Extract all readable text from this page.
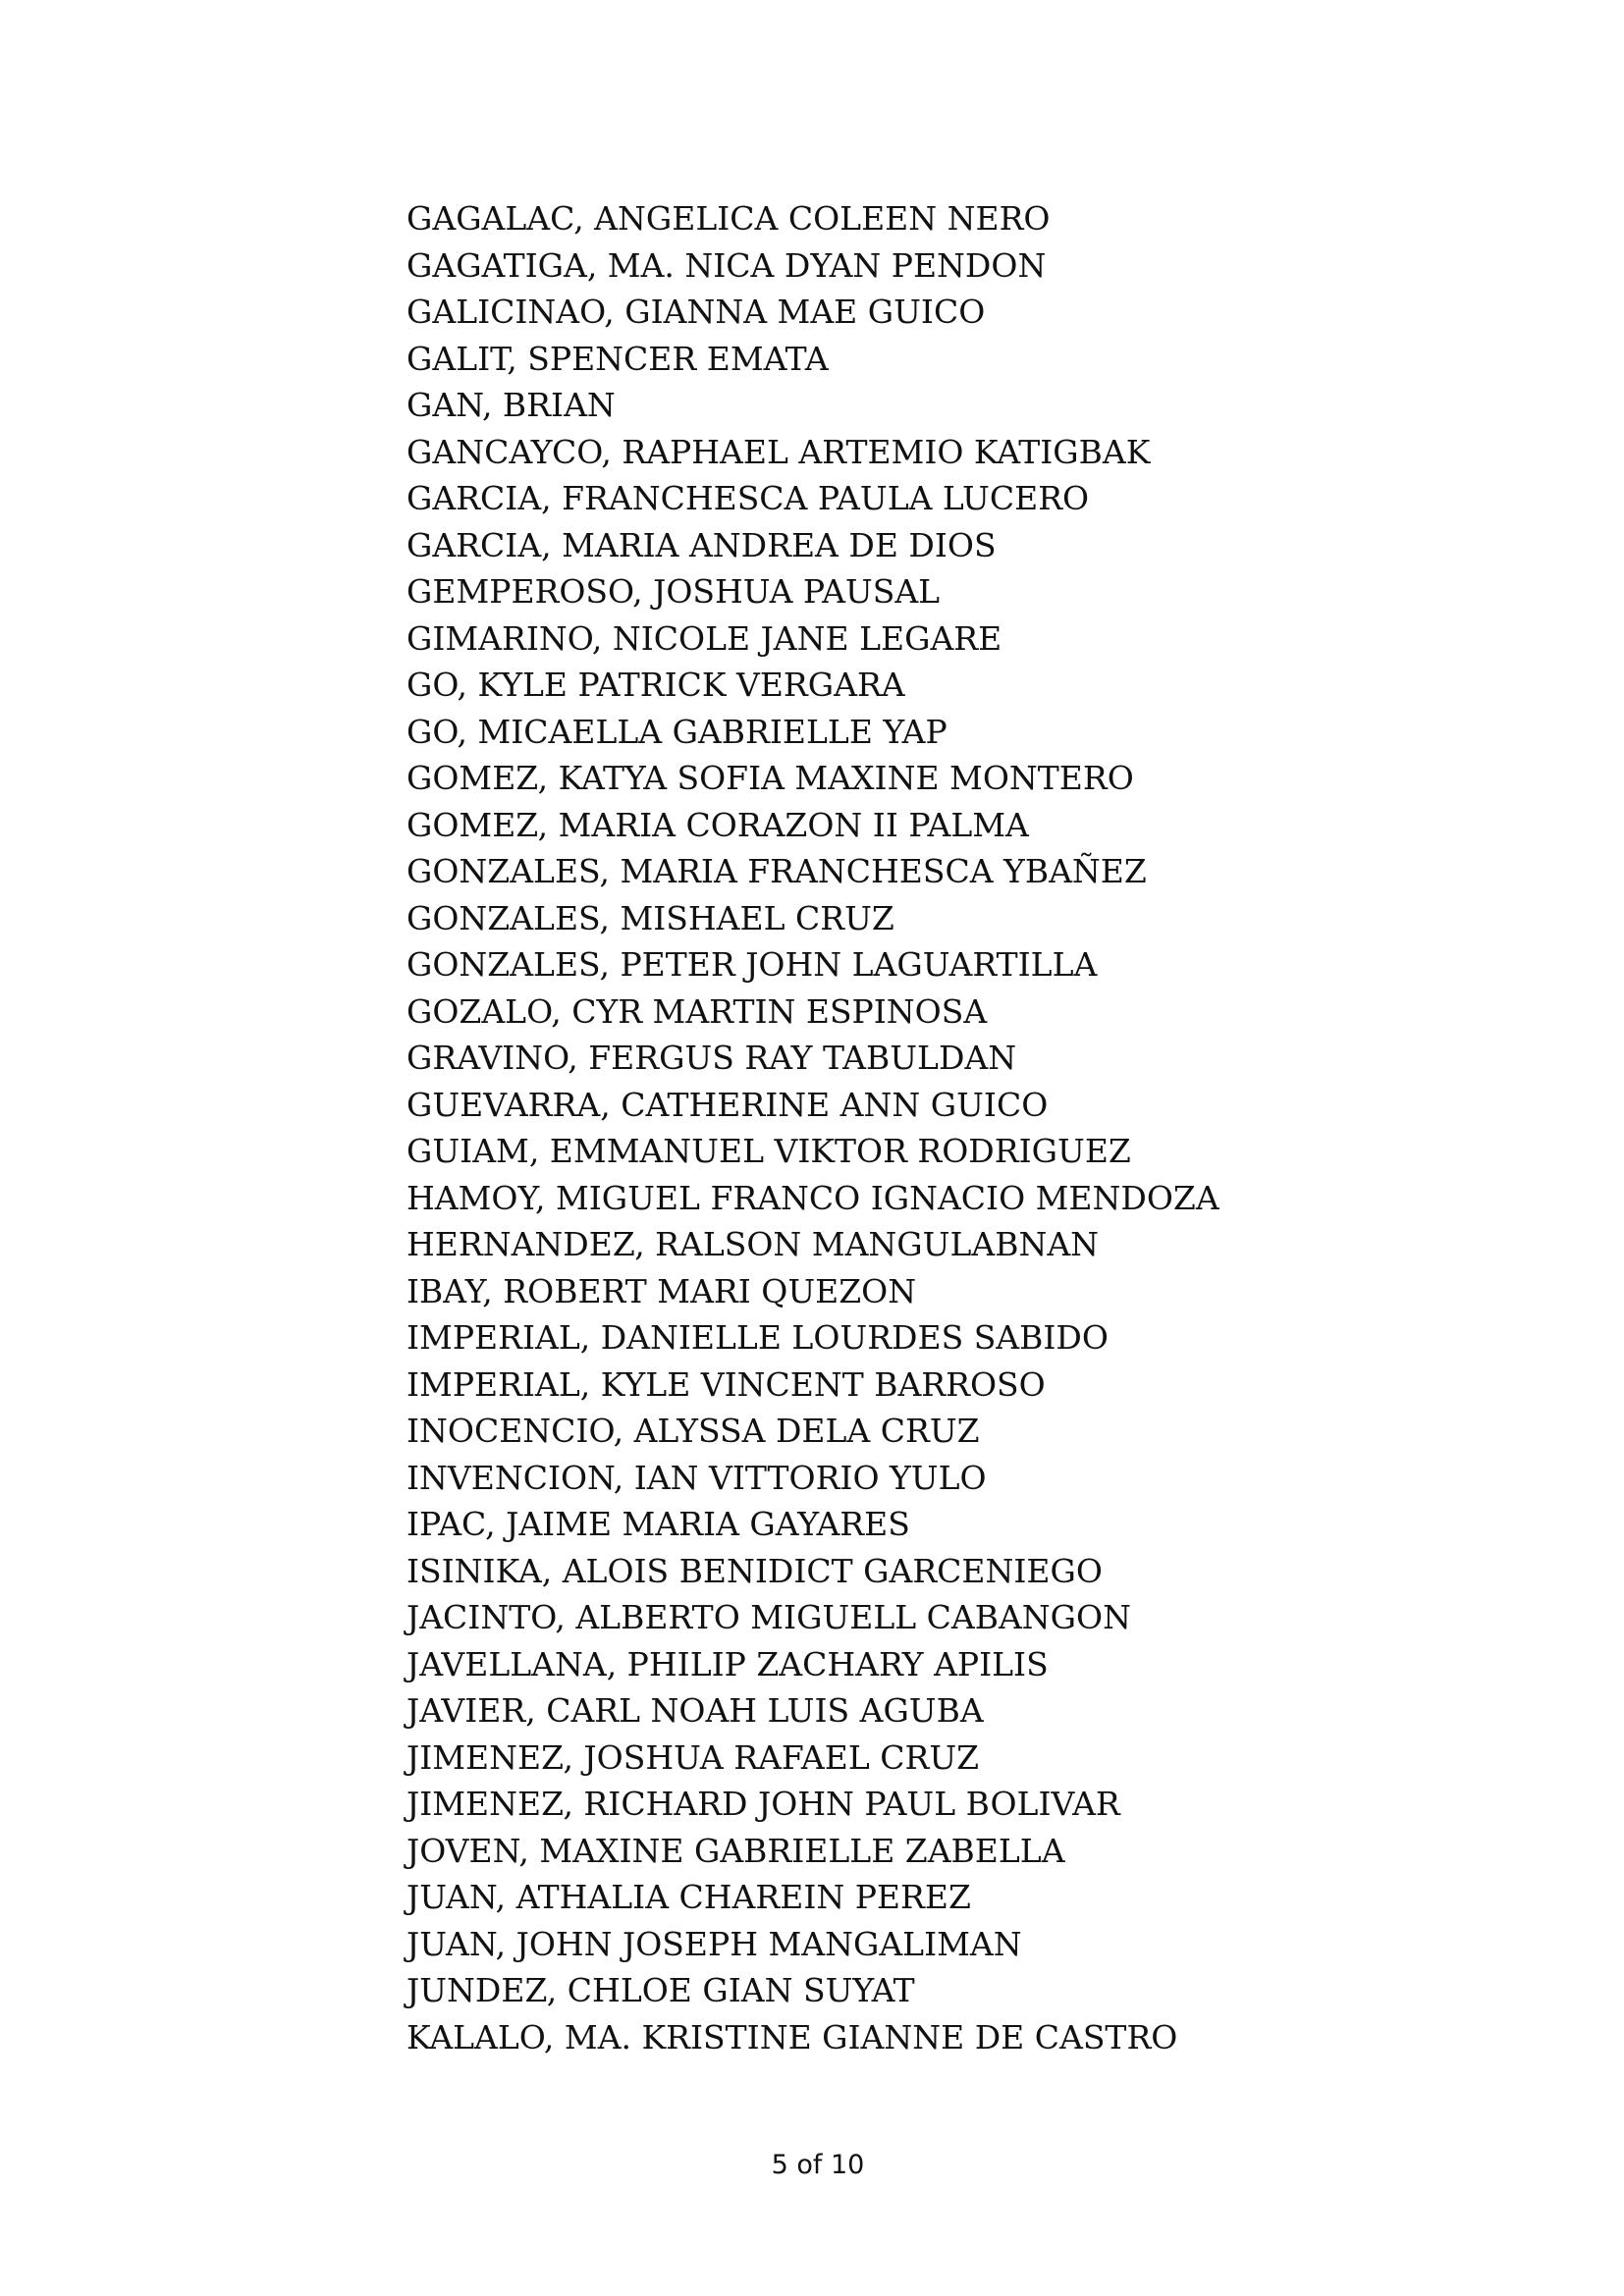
GAGALAC, ANGELICA COLEEN NERO
GAGATIGA, MA. NICA DYAN PENDON
GALICINAO, GIANNA MAE GUICO
GALIT, SPENCER EMATA
GAN, BRIAN
GANCAYCO, RAPHAEL ARTEMIO KATIGBAK
GARCIA, FRANCHESCA PAULA LUCERO
GARCIA, MARIA ANDREA DE DIOS
GEMPEROSO, JOSHUA PAUSAL
GIMARINO, NICOLE JANE LEGARE
GO, KYLE PATRICK VERGARA
GO, MICAELLA GABRIELLE YAP
GOMEZ, KATYA SOFIA MAXINE MONTERO
GOMEZ, MARIA CORAZON II PALMA
GONZALES, MARIA FRANCHESCA YBAÑEZ
GONZALES, MISHAEL CRUZ
GONZALES, PETER JOHN LAGUARTILLA
GOZALO, CYR MARTIN ESPINOSA
GRAVINO, FERGUS RAY TABULDAN
GUEVARRA, CATHERINE ANN GUICO
GUIAM, EMMANUEL VIKTOR RODRIGUEZ
HAMOY, MIGUEL FRANCO IGNACIO MENDOZA
HERNANDEZ, RALSON MANGULABNAN
IBAY, ROBERT MARI QUEZON
IMPERIAL, DANIELLE LOURDES SABIDO
IMPERIAL, KYLE VINCENT BARROSO
INOCENCIO, ALYSSA DELA CRUZ
INVENCION, IAN VITTORIO YULO
IPAC, JAIME MARIA GAYARES
ISINIKA, ALOIS BENIDICT GARCENIEGO
JACINTO, ALBERTO MIGUELL CABANGON
JAVELLANA, PHILIP ZACHARY APILIS
JAVIER, CARL NOAH LUIS AGUBA
JIMENEZ, JOSHUA RAFAEL CRUZ
JIMENEZ, RICHARD JOHN PAUL BOLIVAR
JOVEN, MAXINE GABRIELLE ZABELLA
JUAN, ATHALIA CHAREIN PEREZ
JUAN, JOHN JOSEPH MANGALIMAN
JUNDEZ, CHLOE GIAN SUYAT
KALALO, MA. KRISTINE GIANNE DE CASTRO
5 of 10
